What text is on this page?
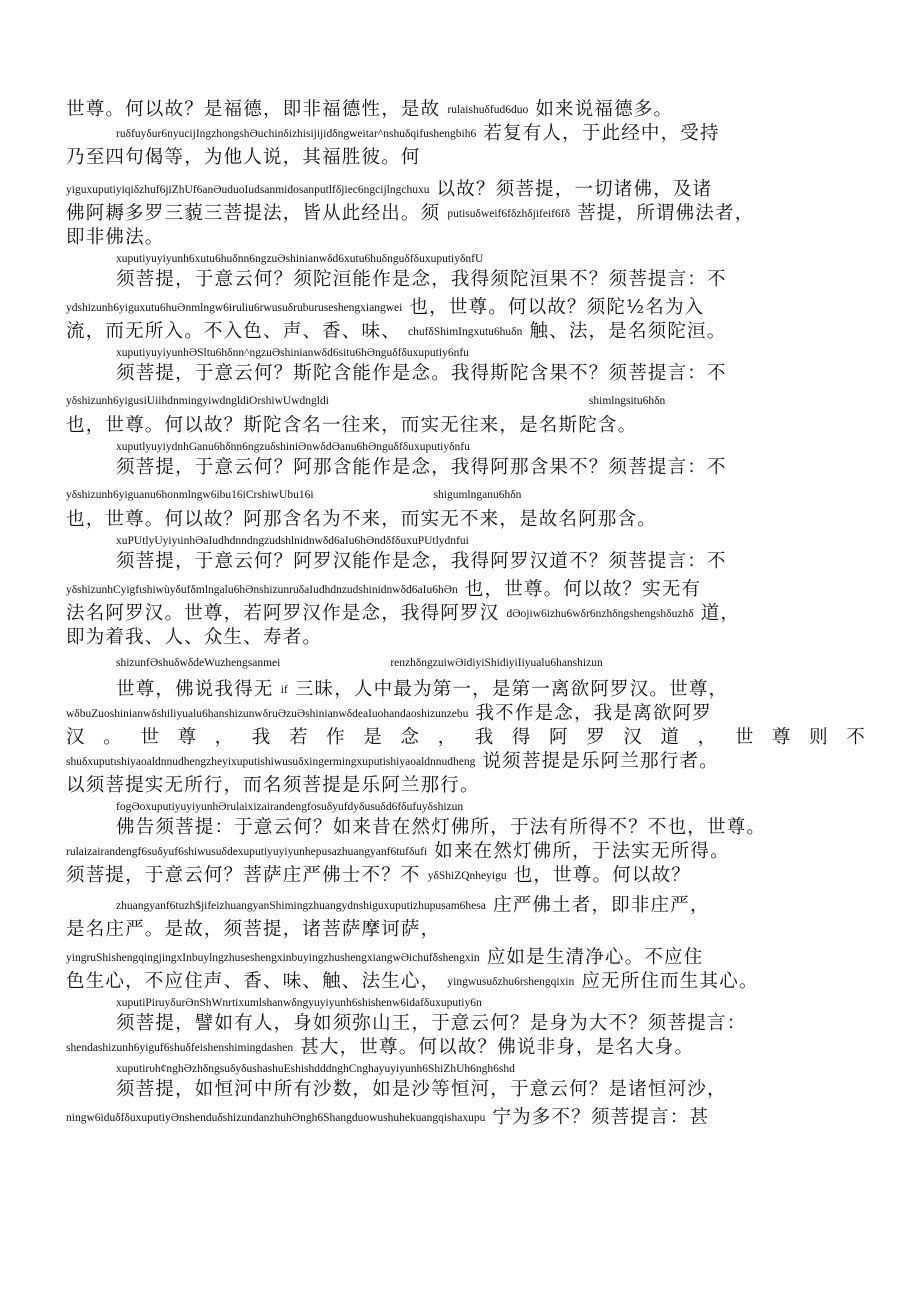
世尊。何以故？是福德，即非福德性，是故 rulaishuδfud6duo 如来说福德多。
ruδfuyδur6nyucijIngzhongshƏuchinδizhisijijidδngweitar^nshuδqifushengbih6 若复有人，于此经中，受持
乃至四句偈等，为他人说，其福胜彼。何
yiguxuputiyiqiδzhuf6jiZhUf6anƏuduoIudsanmidosanputlfδjiec6ngcijlngchuxu 以故？须菩提，一切诸佛，及诸
佛阿耨多罗三藐三菩提法，皆从此经出。须 putisuδweif6fδzhδjifeif6fδ 菩提，所谓佛法者，
即非佛法。
xuputiyuyiyunh6xutu6huδnn6ngzuƏshinianwδd6xutu6huδnguδfδuxuputiyδnfU
须菩提，于意云何？须陀洹能作是念，我得须陀洹果不？须菩提言：不
ydshizunh6yiguxutu6huƏnmlngw6iruliu6rwusuδruburuseshengxiangwei 也，世尊。何以故？须陀½名为入
流，而无所入。不入色、声、香、味、 chufδShimIngxutu6huδn 触、法，是名须陀洹。
xuputiyuyiyunhƏSltu6hδnn^ngzuƏshinianwδd6situ6hƏnguδfδuxuputiy6nfu
须菩提，于意云何？斯陀含能作是念。我得斯陀含果不？须菩提言：不
yδshizunh6yigusiUiihdnmingyiwdngldiOrshiwUwdngldi	shimlngsitu6hδn
也，世尊。何以故？斯陀含名一往来，而实无往来，是名斯陀含。
xuputlyuyiydnhGanu6hδnn6ngzuδshiniƏnwδdƏanu6hƏnguδfδuxuputiyδnfu
须菩提，于意云何？阿那含能作是念，我得阿那含果不？须菩提言：不
yδshizunh6yiguanu6honmlngw6ibu16iCrshiwUbu16i	shigumlnganu6hδn
也，世尊。何以故？阿那含名为不来，而实无不来，是故名阿那含。
xuPUtlyUyiyιinhƏaIudhdnndngzudshlnidnwδd6aIu6hƏndδfδuxuPUtlydnfui
须菩提，于意云何？阿罗汉能作是念，我得阿罗汉道不？须菩提言：不
yδshizunhCyigfιshiwùyδufδmlngalu6hƏnshizunruδaIudhdnzudshinidnwδd6aIu6hƏn 也，世尊。何以故？实无有
法名阿罗汉。世尊，若阿罗汉作是念，我得阿罗汉 dƏojiw6izhu6wδr6nzhδngshengshδuzhδ 道，
即为着我、人、众生、寿者。
shizunfƏshuδwδdeWuzhengsanmei	renzhδngzuiwƏidiyiShidiyiIiyualu6hanshizun
世尊，佛说我得无 if 三昧，人中最为第一，是第一离欲阿罗汉。世尊，
wδbuZuoshinianwδshiliyualu6hanshizunwδruƏzuƏshinianwδdeaIuohandaoshizunzebu 我不作是念，我是离欲阿罗
汉 。 世 尊 ， 我 若 作 是 念 ， 我 得 阿 罗 汉 道 ， 世 尊 则 不
shuδxuputιshiyaoaldnnudhengzheyixuputishiwusuδxingermingxuputishiyaoaldnnudheng 说须菩提是乐阿兰那行者。
以须菩提实无所行，而名须菩提是乐阿兰那行。
fogƏoxuputiyuyiyunhƏrulaixizairandengfosuδyufdyδusuδd6fδufuyδshizun
佛告须菩提：于意云何？如来昔在然灯佛所，于法有所得不？不也，世尊。
rulaizairandengf6suδyuf6shiwusuδdexuputiyuyiyunhepusazhuangyanf6tufδufi 如来在然灯佛所，于法实无所得。
须菩提，于意云何？菩萨庄严佛士不？不 yδShiZQnheyigu 也，世尊。何以故？
zhuangyanf6tuzh$jifeizhuangyanShimingzhuangydnshiguxuputizhupusam6hesa 庄严佛土者，即非庄严，
是名庄严。是故，须菩提，诸菩萨摩诃萨，
yingruShishengqingjingxInbuylngzhuseshengxinbuyingzhushengxiangwƏichufδshengxin 应如是生清净心。不应住
色生心，不应住声、香、味、触、法生心， yingwusuδzhu6rshengqixin 应无所住而生其心。
xuputiPiruyδurƏnShWnrtixumlshanwδngyuyiyunh6shishenw6idafδuxuputiy6n
须菩提，譬如有人，身如须弥山王，于意云何？是身为大不？须菩提言：
shendashizunh6yiguf6shuδfeishenshimingdashen 甚大，世尊。何以故？佛说非身，是名大身。
xuputirυh¢nghƏzhδngsuδyδushashuEshishdddnghCnghayuyiyunh6ShiZhUh6ngh6shd
须菩提，如恒河中所有沙数，如是沙等恒河，于意云何？是诸恒河沙，
ningw6iduδfδuxuputiyƏnshenduδshizundanzhuhƏngh6Shangduowushuhekuangqishaxupu 宁为多不？须菩提言：甚
